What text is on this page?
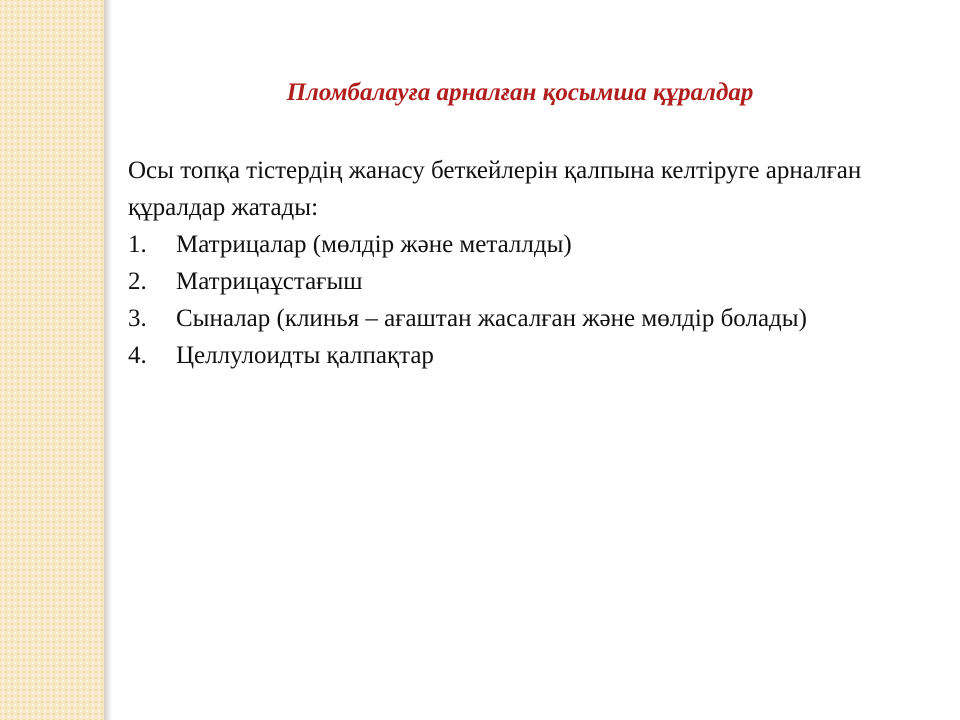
Пломбалауға арналған қосымша құралдар

Осы топқа тістердің жанасу беткейлерін қалпына келтіруге арналған құралдар жатады:

1.	Матрицалар (мөлдір және металлды)
2.	Матрицаұстағыш
3.	Сыналар (клинья – ағаштан жасалған және мөлдір болады)
4.	Целлулоидты қалпақтар
